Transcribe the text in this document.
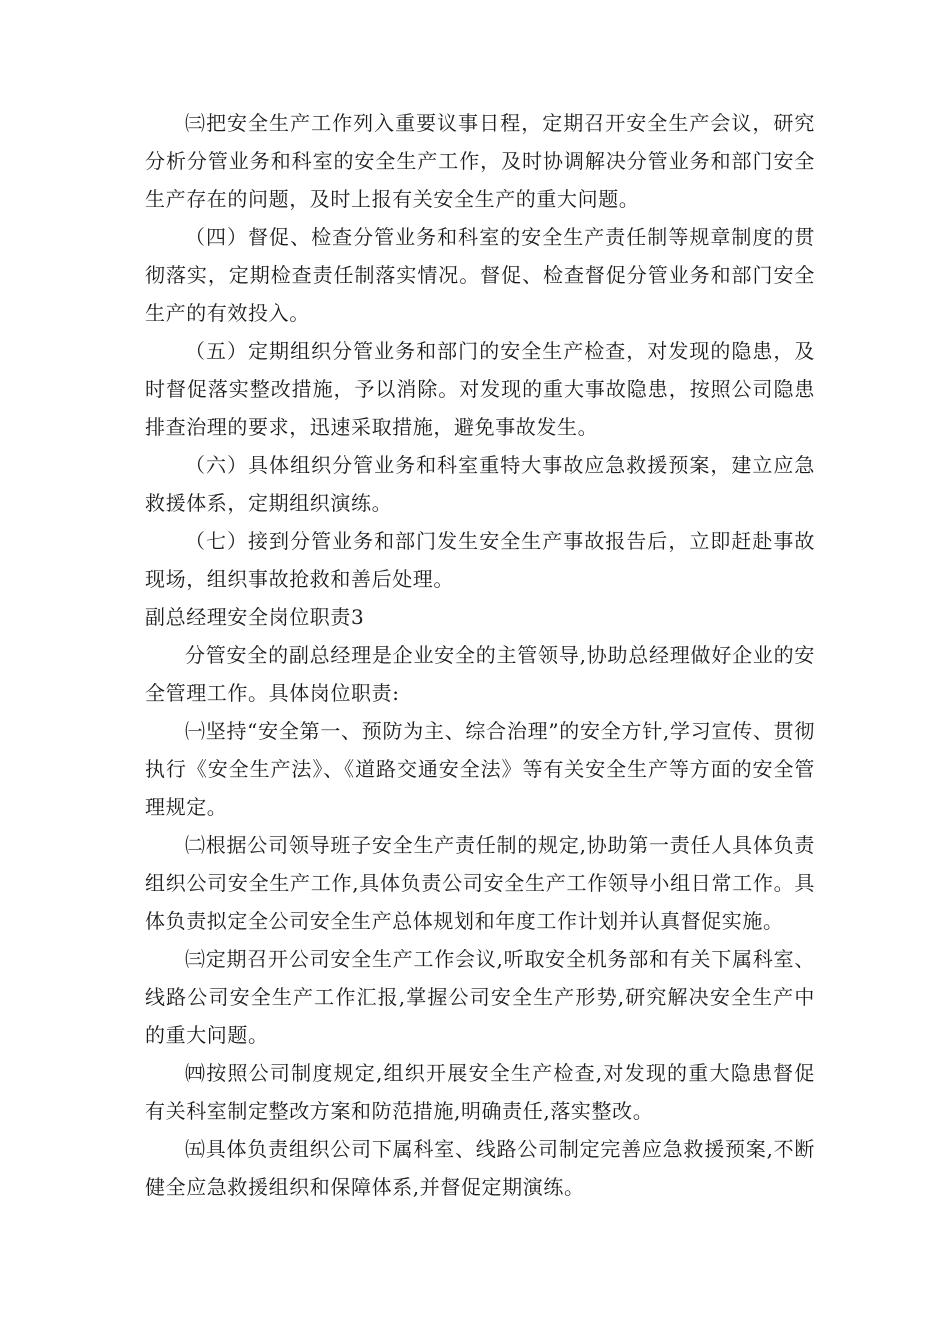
㈢把安全生产工作列入重要议事日程，定期召开安全生产会议，研究分析分管业务和科室的安全生产工作，及时协调解决分管业务和部门安全生产存在的问题，及时上报有关安全生产的重大问题。

（四）督促、检查分管业务和科室的安全生产责任制等规章制度的贯彻落实，定期检查责任制落实情况。督促、检查督促分管业务和部门安全生产的有效投入。

（五）定期组织分管业务和部门的安全生产检查，对发现的隐患，及时督促落实整改措施，予以消除。对发现的重大事故隐患，按照公司隐患排查治理的要求，迅速采取措施，避免事故发生。

（六）具体组织分管业务和科室重特大事故应急救援预案，建立应急救援体系，定期组织演练。

（七）接到分管业务和部门发生安全生产事故报告后，立即赶赴事故现场，组织事故抢救和善后处理。

副总经理安全岗位职责3

分管安全的副总经理是企业安全的主管领导,协助总经理做好企业的安全管理工作。具体岗位职责:

㈠坚持“安全第一、预防为主、综合治理”的安全方针,学习宣传、贯彻执行《安全生产法》、《道路交通安全法》等有关安全生产等方面的安全管理规定。

㈡根据公司领导班子安全生产责任制的规定,协助第一责任人具体负责组织公司安全生产工作,具体负责公司安全生产工作领导小组日常工作。具体负责拟定全公司安全生产总体规划和年度工作计划并认真督促实施。

㈢定期召开公司安全生产工作会议,听取安全机务部和有关下属科室、线路公司安全生产工作汇报,掌握公司安全生产形势,研究解决安全生产中的重大问题。

㈣按照公司制度规定,组织开展安全生产检查,对发现的重大隐患督促有关科室制定整改方案和防范措施,明确责任,落实整改。

㈤具体负责组织公司下属科室、线路公司制定完善应急救援预案,不断健全应急救援组织和保障体系,并督促定期演练。
